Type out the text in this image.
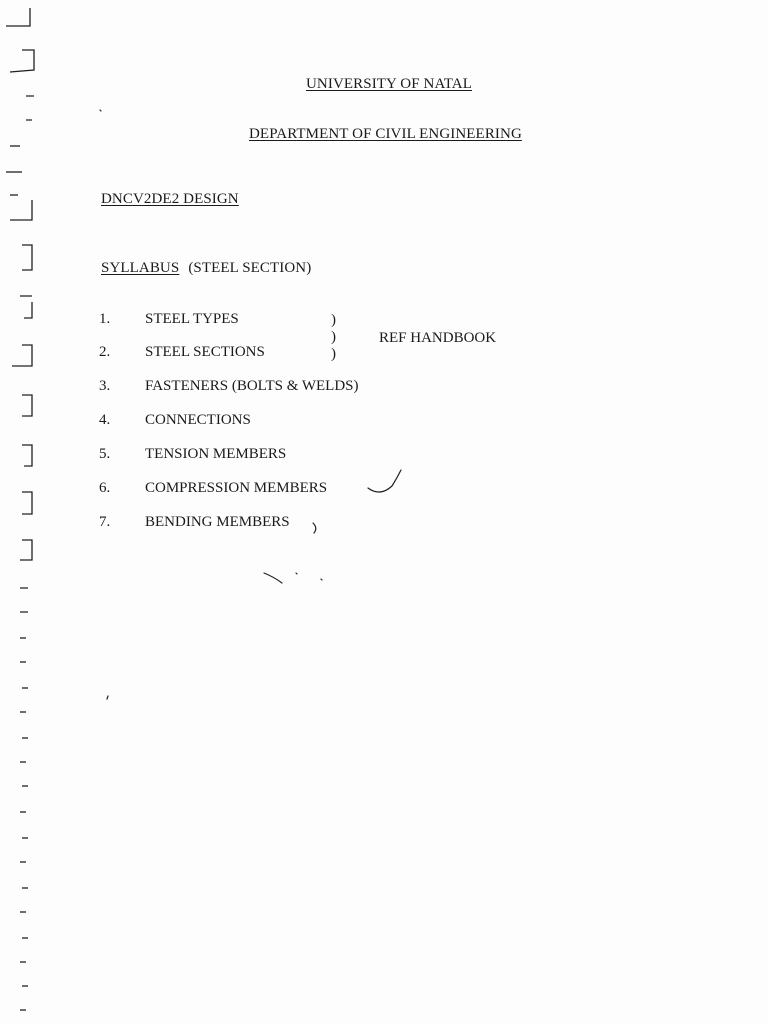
UNIVERSITY OF NATAL
DEPARTMENT OF CIVIL ENGINEERING
DNCV2DE2 DESIGN
SYLLABUS (STEEL SECTION)
1. STEEL TYPES
2. STEEL SECTIONS
3. FASTENERS (BOLTS & WELDS)
4. CONNECTIONS
5. TENSION MEMBERS
6. COMPRESSION MEMBERS
7. BENDING MEMBERS
)
)
)
REF HANDBOOK
